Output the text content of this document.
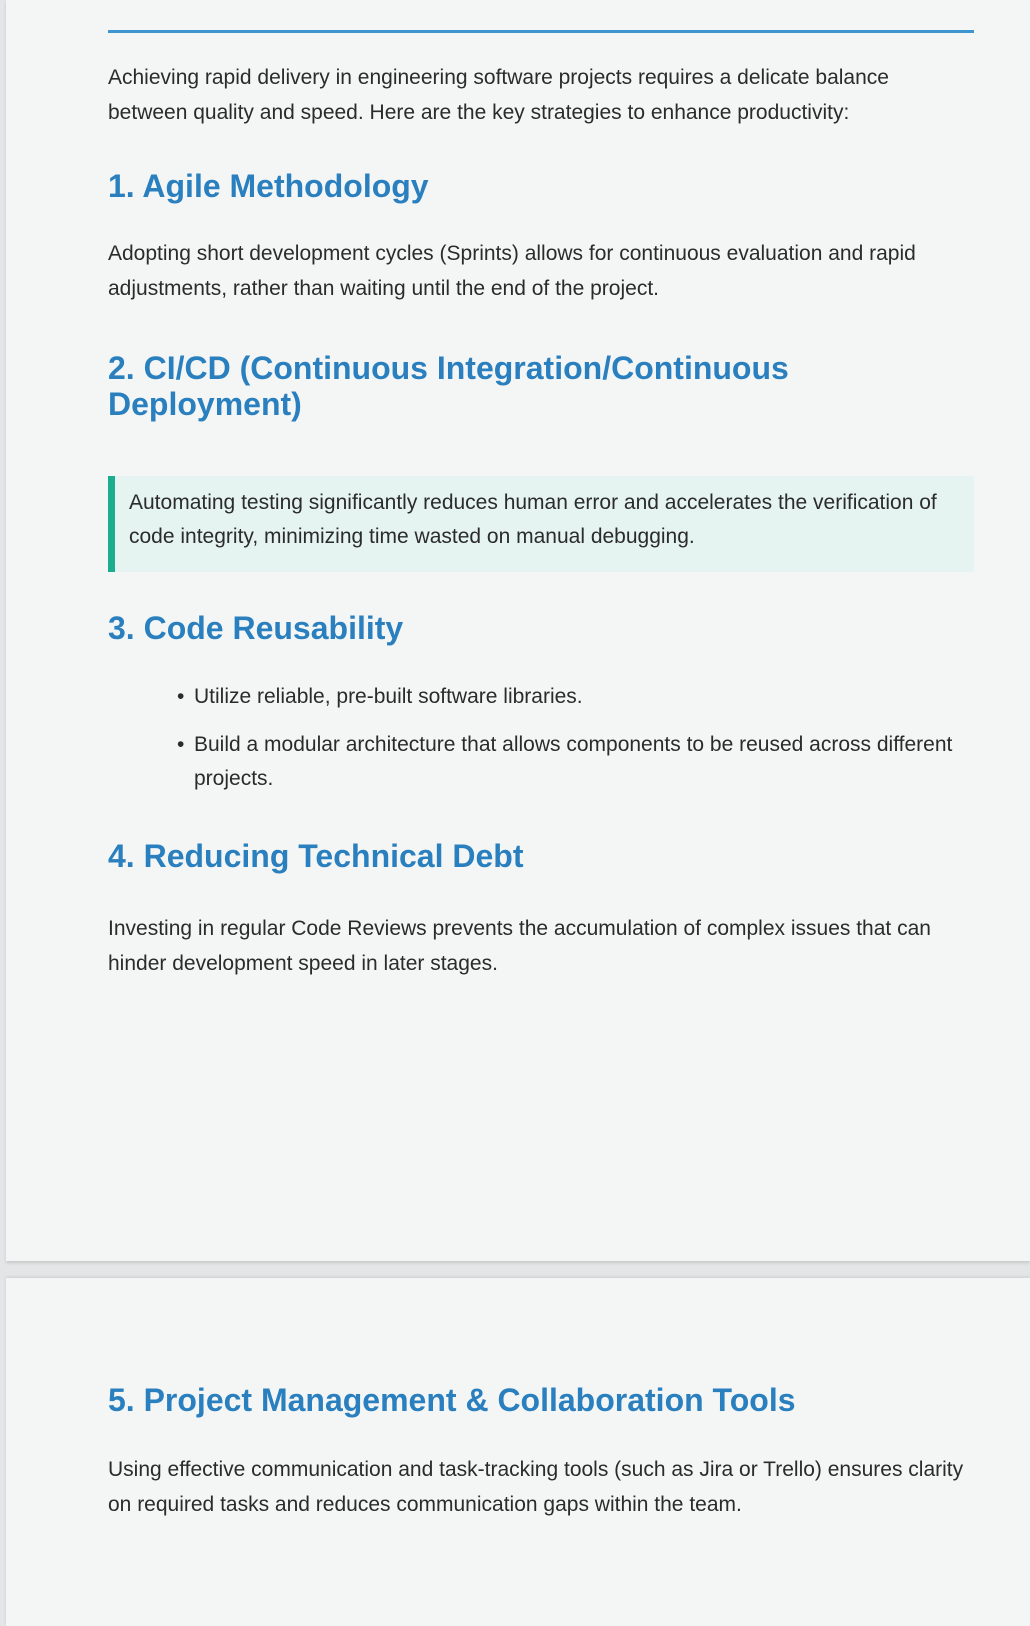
Achieving rapid delivery in engineering software projects requires a delicate balance between quality and speed. Here are the key strategies to enhance productivity:

1. Agile Methodology

Adopting short development cycles (Sprints) allows for continuous evaluation and rapid adjustments, rather than waiting until the end of the project.

2. CI/CD (Continuous Integration/Continuous Deployment)

Automating testing significantly reduces human error and accelerates the verification of code integrity, minimizing time wasted on manual debugging.

3. Code Reusability
• Utilize reliable, pre-built software libraries.
• Build a modular architecture that allows components to be reused across different projects.
4. Reducing Technical Debt

Investing in regular Code Reviews prevents the accumulation of complex issues that can hinder development speed in later stages.

5. Project Management & Collaboration Tools

Using effective communication and task-tracking tools (such as Jira or Trello) ensures clarity on required tasks and reduces communication gaps within the team.
